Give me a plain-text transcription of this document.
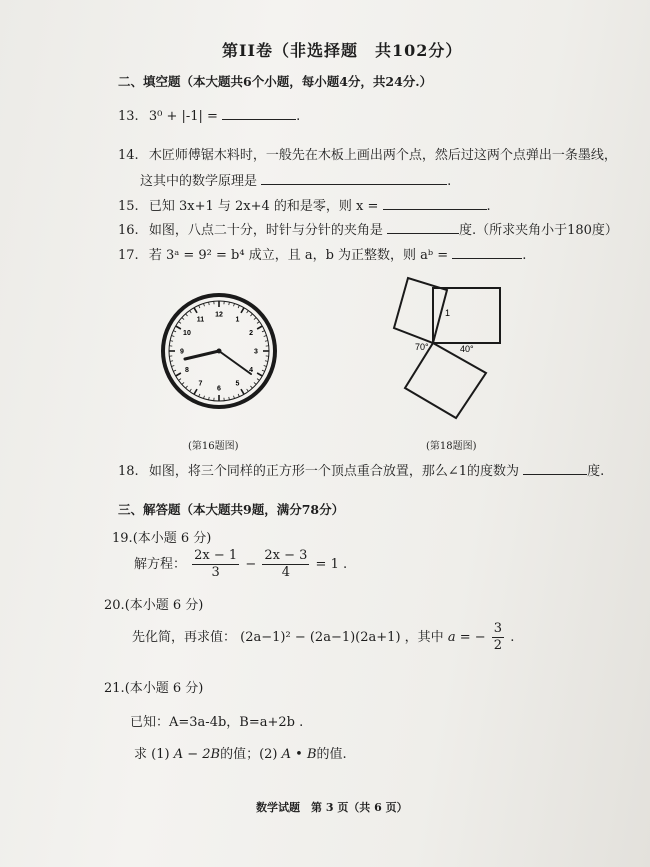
第II卷（非选择题　共102分）
二、填空题（本大题共6个小题，每小题4分，共24分.）
13. 3⁰ + |-1| =	.
14. 木匠师傅锯木料时，一般先在木板上画出两个点，然后过这两个点弹出一条墨线，
这其中的数学原理是	.
15. 已知 3x+1 与 2x+4 的和是零，则 x =	.
16. 如图，八点二十分，时针与分针的夹角是	度.（所求夹角小于180度）
17. 若 3ᵃ = 9² = b⁴ 成立，且 a，b 为正整数，则 aᵇ =	.
12
1
2
3
4
5
6
7
8
9
10
11
(第16题图)
1
70°	40°
(第18题图)
18. 如图，将三个同样的正方形一个顶点重合放置，那么∠1的度数为	度.
三、解答题（本大题共9题，满分78分）
19.(本小题 6 分)
解方程： $\frac{2x - 1}{3} - \frac{2x - 3}{4} = 1$ .
20.(本小题 6 分)
先化简，再求值： (2a−1)² − (2a−1)(2a+1) ，其中 a = − $\frac{3}{2}$ .
21.(本小题 6 分)
已知：A=3a-4b，B=a+2b .
求 (1) A − 2B的值；(2) A • B的值.
数学试题　第 3 页（共 6 页）
